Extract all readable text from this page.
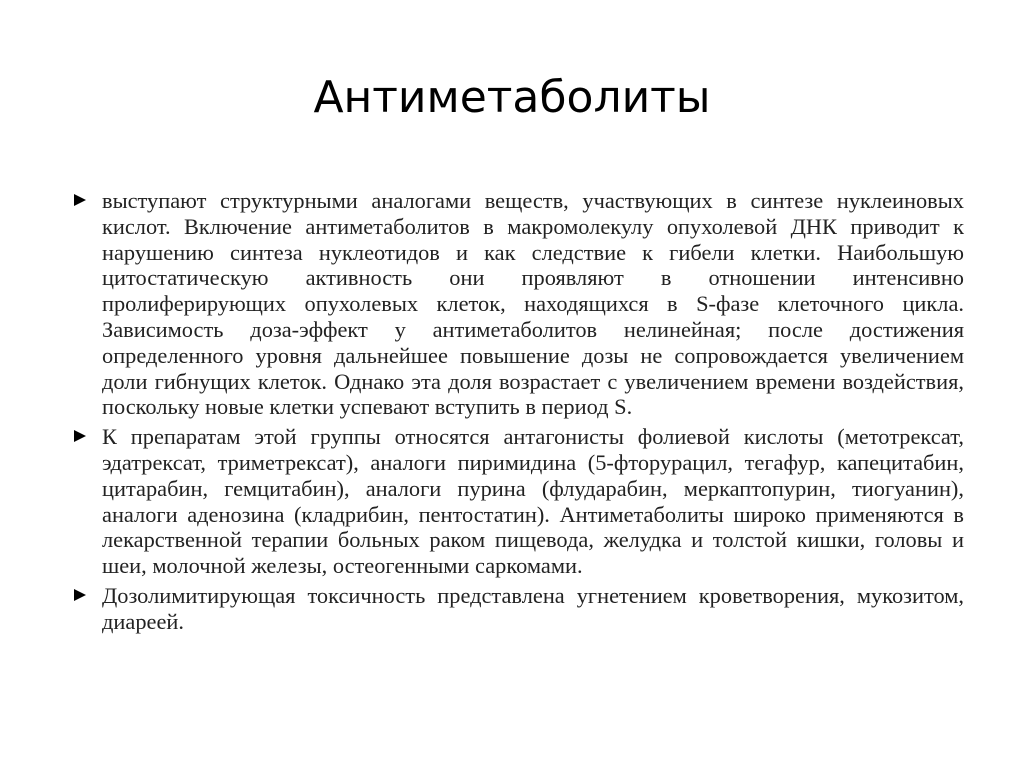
Антиметаболиты
выступают структурными аналогами веществ, участвующих в синтезе нуклеиновых кислот. Включение антиметаболитов в макромолекулу опухолевой ДНК приводит к нарушению синтеза нуклеотидов и как следствие к гибели клетки. Наибольшую цитостатическую активность они проявляют в отношении интенсивно пролиферирующих опухолевых клеток, находящихся в S-фазе клеточного цикла. Зависимость доза-эффект у антиметаболитов нелинейная; после достижения определенного уровня дальнейшее повышение дозы не сопровождается увеличением доли гибнущих клеток. Однако эта доля возрастает с увеличением времени воздействия, поскольку новые клетки успевают вступить в период S.
К препаратам этой группы относятся антагонисты фолиевой кислоты (метотрексат, эдатрексат, триметрексат), аналоги пиримидина (5-фторурацил, тегафур, капецитабин, цитарабин, гемцитабин), аналоги пурина (флударабин, меркаптопурин, тиогуанин), аналоги аденозина (кладрибин, пентостатин). Антиметаболиты широко применяются в лекарственной терапии больных раком пищевода, желудка и толстой кишки, головы и шеи, молочной железы, остеогенными саркомами.
Дозолимитирующая токсичность представлена угнетением кроветворения, мукозитом, диареей.
